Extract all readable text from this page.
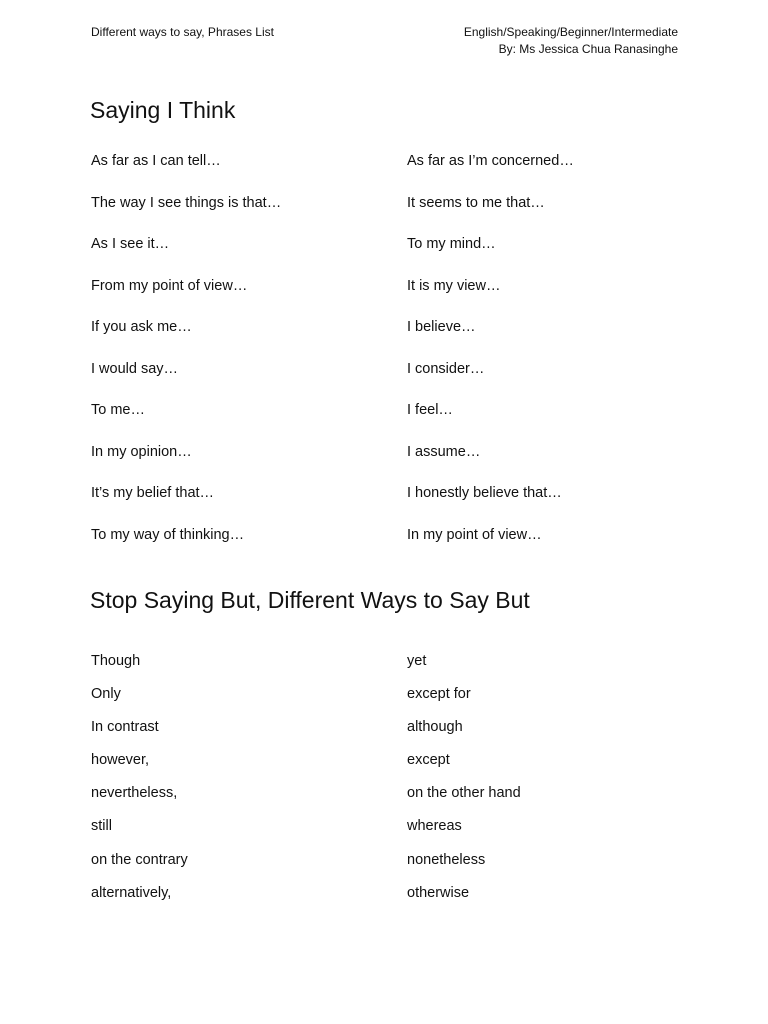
Different ways to say, Phrases List	English/Speaking/Beginner/Intermediate
By: Ms Jessica Chua Ranasinghe
Saying I Think
As far as I can tell…	As far as I’m concerned…
The way I see things is that…	It seems to me that…
As I see it…	To my mind…
From my point of view…	It is my view…
If you ask me…	I believe…
I would say…	I consider…
To me…	I feel…
In my opinion…	I assume…
It’s my belief that…	I honestly believe that…
To my way of thinking…	In my point of view…
Stop Saying But, Different Ways to Say But
Though	yet
Only	except for
In contrast	although
however,	except
nevertheless,	on the other hand
still	whereas
on the contrary	nonetheless
alternatively,	otherwise
